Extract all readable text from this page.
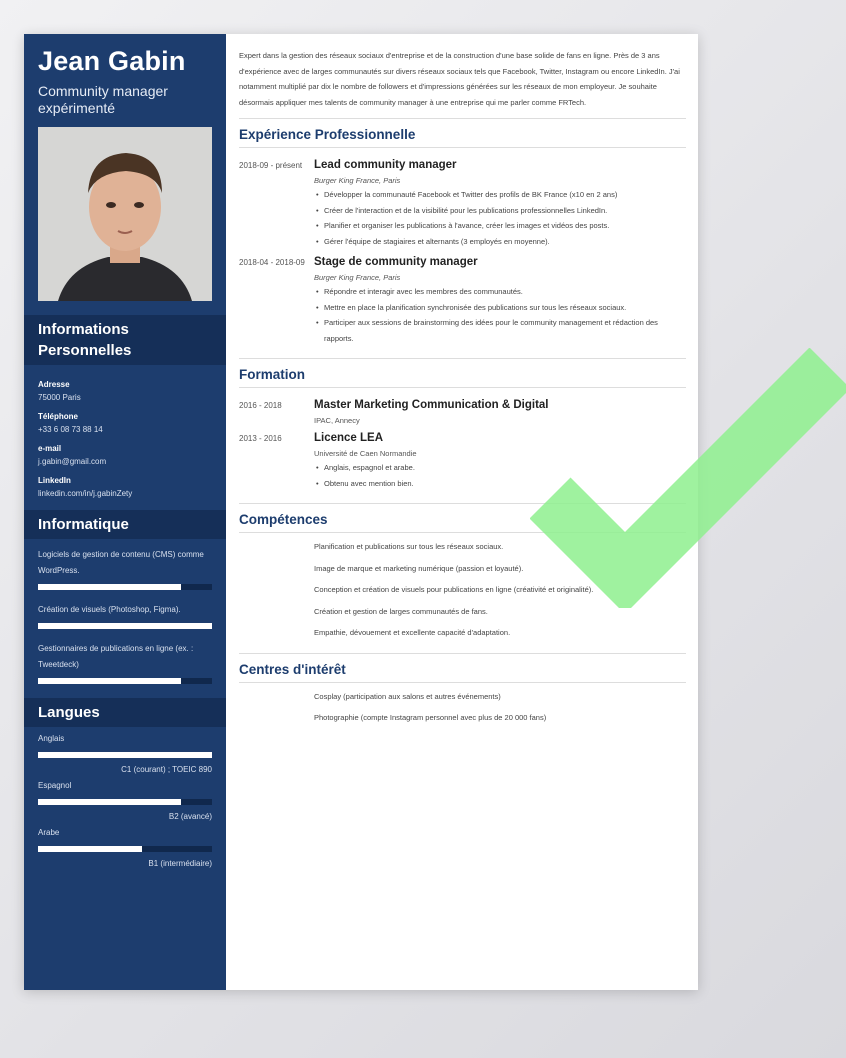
Jean Gabin
Community manager expérimenté
Informations Personnelles
Adresse
75000 Paris
Téléphone
+33 6 08 73 88 14
e-mail
j.gabin@gmail.com
LinkedIn
linkedin.com/in/j.gabinZety
Informatique
Logiciels de gestion de contenu (CMS) comme WordPress.
Création de visuels (Photoshop, Figma).
Gestionnaires de publications en ligne (ex. : Tweetdeck)
Langues
Anglais
C1 (courant) ; TOEIC 890
Espagnol
B2 (avancé)
Arabe
B1 (intermédiaire)
Expert dans la gestion des réseaux sociaux d'entreprise et de la construction d'une base solide de fans en ligne. Près de 3 ans d'expérience avec de larges communautés sur divers réseaux sociaux tels que Facebook, Twitter, Instagram ou encore LinkedIn. J'ai notamment multiplié par dix le nombre de followers et d'impressions générées sur les réseaux de mon employeur. Je souhaite désormais appliquer mes talents de community manager à une entreprise qui me parler comme FRTech.
Expérience Professionnelle
2018-09 - présent	Lead community manager
Burger King France, Paris
• Développer la communauté Facebook et Twitter des profils de BK France (x10 en 2 ans)
• Créer de l'interaction et de la visibilité pour les publications professionnelles LinkedIn.
• Planifier et organiser les publications à l'avance, créer les images et vidéos des posts.
• Gérer l'équipe de stagiaires et alternants (3 employés en moyenne).
2018-04 - 2018-09 Stage de community manager
Burger King France, Paris
• Répondre et interagir avec les membres des communautés.
• Mettre en place la planification synchronisée des publications sur tous les réseaux sociaux.
• Participer aux sessions de brainstorming des idées pour le community management et rédaction des rapports.
Formation
2016 - 2018	Master Marketing Communication & Digital
IPAC, Annecy
2013 - 2016	Licence LEA
Université de Caen Normandie
• Anglais, espagnol et arabe.
• Obtenu avec mention bien.
Compétences
Planification et publications sur tous les réseaux sociaux.
Image de marque et marketing numérique (passion et loyauté).
Conception et création de visuels pour publications en ligne (créativité et originalité).
Création et gestion de larges communautés de fans.
Empathie, dévouement et excellente capacité d'adaptation.
Centres d'intérêt
Cosplay (participation aux salons et autres événements)
Photographie (compte Instagram personnel avec plus de 20 000 fans)
